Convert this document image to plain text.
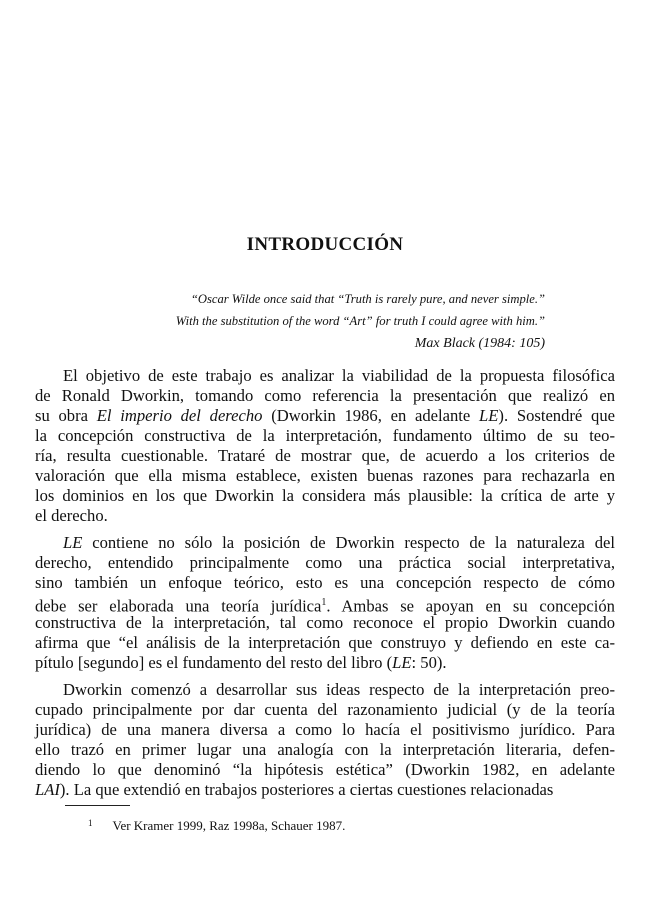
INTRODUCCIÓN
“Oscar Wilde once said that “Truth is rarely pure, and never simple.”
With the substitution of the word “Art” for truth I could agree with him.”
Max Black (1984: 105)
El objetivo de este trabajo es analizar la viabilidad de la propuesta filosófica
de Ronald Dworkin, tomando como referencia la presentación que realizó en
su obra El imperio del derecho (Dworkin 1986, en adelante LE). Sostendré que
la concepción constructiva de la interpretación, fundamento último de su teo-
ría, resulta cuestionable. Trataré de mostrar que, de acuerdo a los criterios de
valoración que ella misma establece, existen buenas razones para rechazarla en
los dominios en los que Dworkin la considera más plausible: la crítica de arte y
el derecho.
LE contiene no sólo la posición de Dworkin respecto de la naturaleza del
derecho, entendido principalmente como una práctica social interpretativa,
sino también un enfoque teórico, esto es una concepción respecto de cómo
debe ser elaborada una teoría jurídica$^1$. Ambas se apoyan en su concepción
constructiva de la interpretación, tal como reconoce el propio Dworkin cuando
afirma que “el análisis de la interpretación que construyo y defiendo en este ca-
pítulo [segundo] es el fundamento del resto del libro (LE: 50).
Dworkin comenzó a desarrollar sus ideas respecto de la interpretación preo-
cupado principalmente por dar cuenta del razonamiento judicial (y de la teoría
jurídica) de una manera diversa a como lo hacía el positivismo jurídico. Para
ello trazó en primer lugar una analogía con la interpretación literaria, defen-
diendo lo que denominó “la hipótesis estética” (Dworkin 1982, en adelante
LAI). La que extendió en trabajos posteriores a ciertas cuestiones relacionadas
$^1$ Ver Kramer 1999, Raz 1998a, Schauer 1987.
